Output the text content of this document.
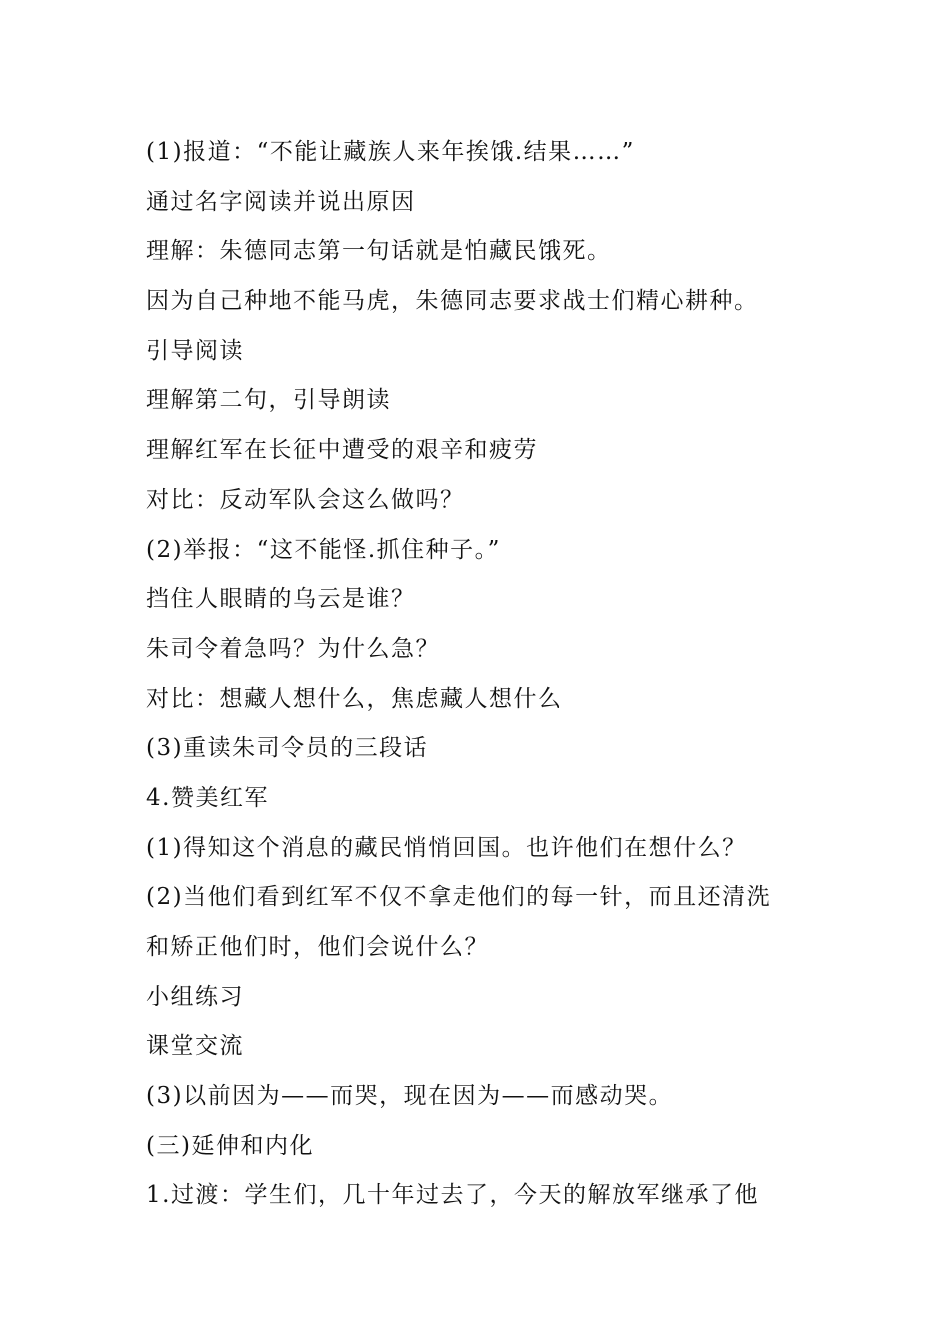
(1)报道：“不能让藏族人来年挨饿.结果……”
通过名字阅读并说出原因
理解：朱德同志第一句话就是怕藏民饿死。
因为自己种地不能马虎，朱德同志要求战士们精心耕种。
引导阅读
理解第二句，引导朗读
理解红军在长征中遭受的艰辛和疲劳
对比：反动军队会这么做吗？
(2)举报：“这不能怪.抓住种子。”
挡住人眼睛的乌云是谁？
朱司令着急吗？为什么急？
对比：想藏人想什么，焦虑藏人想什么
(3)重读朱司令员的三段话
4.赞美红军
(1)得知这个消息的藏民悄悄回国。也许他们在想什么？
(2)当他们看到红军不仅不拿走他们的每一针，而且还清洗
和矫正他们时，他们会说什么？
小组练习
课堂交流
(3)以前因为——而哭，现在因为——而感动哭。
(三)延伸和内化
1.过渡：学生们，几十年过去了，今天的解放军继承了他
